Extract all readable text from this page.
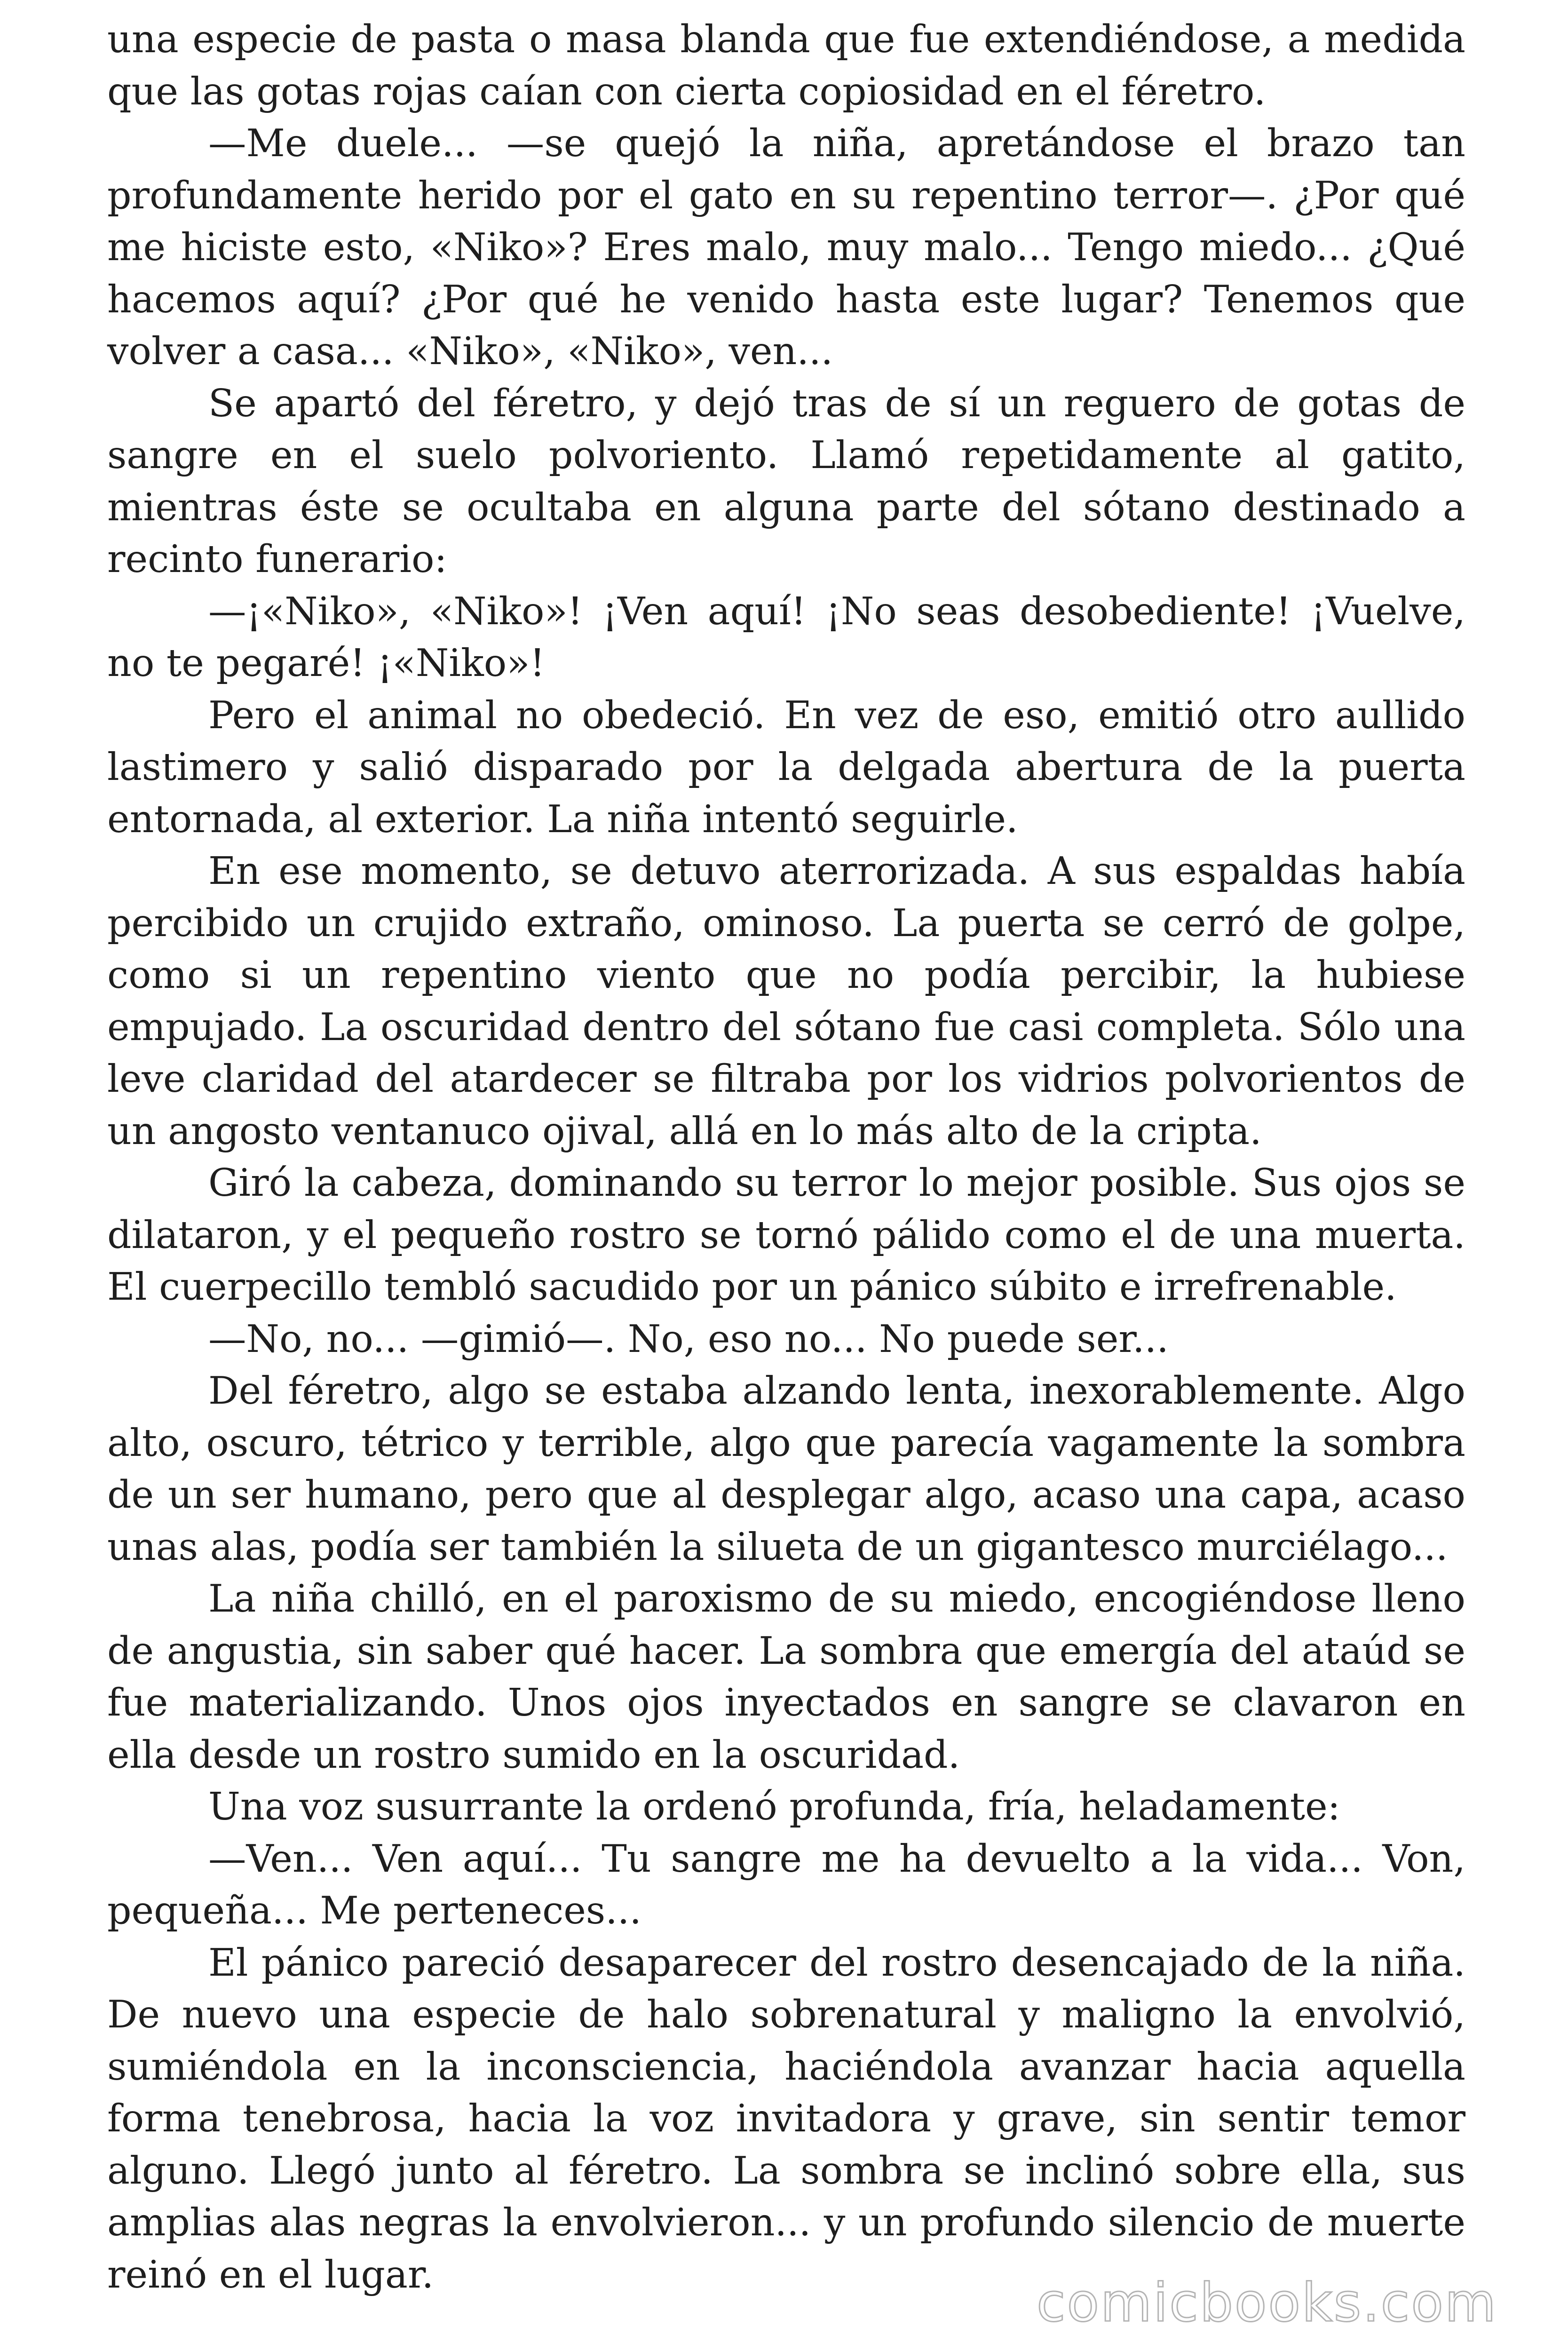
una especie de pasta o masa blanda que fue extendiéndose, a medida que las gotas rojas caían con cierta copiosidad en el féretro.

—Me duele... —se quejó la niña, apretándose el brazo tan profundamente herido por el gato en su repentino terror—. ¿Por qué me hiciste esto, «Niko»? Eres malo, muy malo... Tengo miedo... ¿Qué hacemos aquí? ¿Por qué he venido hasta este lugar? Tenemos que volver a casa... «Niko», «Niko», ven...

Se apartó del féretro, y dejó tras de sí un reguero de gotas de sangre en el suelo polvoriento. Llamó repetidamente al gatito, mientras éste se ocultaba en alguna parte del sótano destinado a recinto funerario:

—¡«Niko», «Niko»! ¡Ven aquí! ¡No seas desobediente! ¡Vuelve, no te pegaré! ¡«Niko»!

Pero el animal no obedeció. En vez de eso, emitió otro aullido lastimero y salió disparado por la delgada abertura de la puerta entornada, al exterior. La niña intentó seguirle.

En ese momento, se detuvo aterrorizada. A sus espaldas había percibido un crujido extraño, ominoso. La puerta se cerró de golpe, como si un repentino viento que no podía percibir, la hubiese empujado. La oscuridad dentro del sótano fue casi completa. Sólo una leve claridad del atardecer se filtraba por los vidrios polvorientos de un angosto ventanuco ojival, allá en lo más alto de la cripta.

Giró la cabeza, dominando su terror lo mejor posible. Sus ojos se dilataron, y el pequeño rostro se tornó pálido como el de una muerta. El cuerpecillo tembló sacudido por un pánico súbito e irrefrenable.

—No, no... —gimió—. No, eso no... No puede ser...

Del féretro, algo se estaba alzando lenta, inexorablemente. Algo alto, oscuro, tétrico y terrible, algo que parecía vagamente la sombra de un ser humano, pero que al desplegar algo, acaso una capa, acaso unas alas, podía ser también la silueta de un gigantesco murciélago...

La niña chilló, en el paroxismo de su miedo, encogiéndose lleno de angustia, sin saber qué hacer. La sombra que emergía del ataúd se fue materializando. Unos ojos inyectados en sangre se clavaron en ella desde un rostro sumido en la oscuridad.

Una voz susurrante la ordenó profunda, fría, heladamente:

—Ven... Ven aquí... Tu sangre me ha devuelto a la vida... Von, pequeña... Me perteneces...

El pánico pareció desaparecer del rostro desencajado de la niña. De nuevo una especie de halo sobrenatural y maligno la envolvió, sumiéndola en la inconsciencia, haciéndola avanzar hacia aquella forma tenebrosa, hacia la voz invitadora y grave, sin sentir temor alguno. Llegó junto al féretro. La sombra se inclinó sobre ella, sus amplias alas negras la envolvieron... y un profundo silencio de muerte reinó en el lugar.	comicbooks.com
